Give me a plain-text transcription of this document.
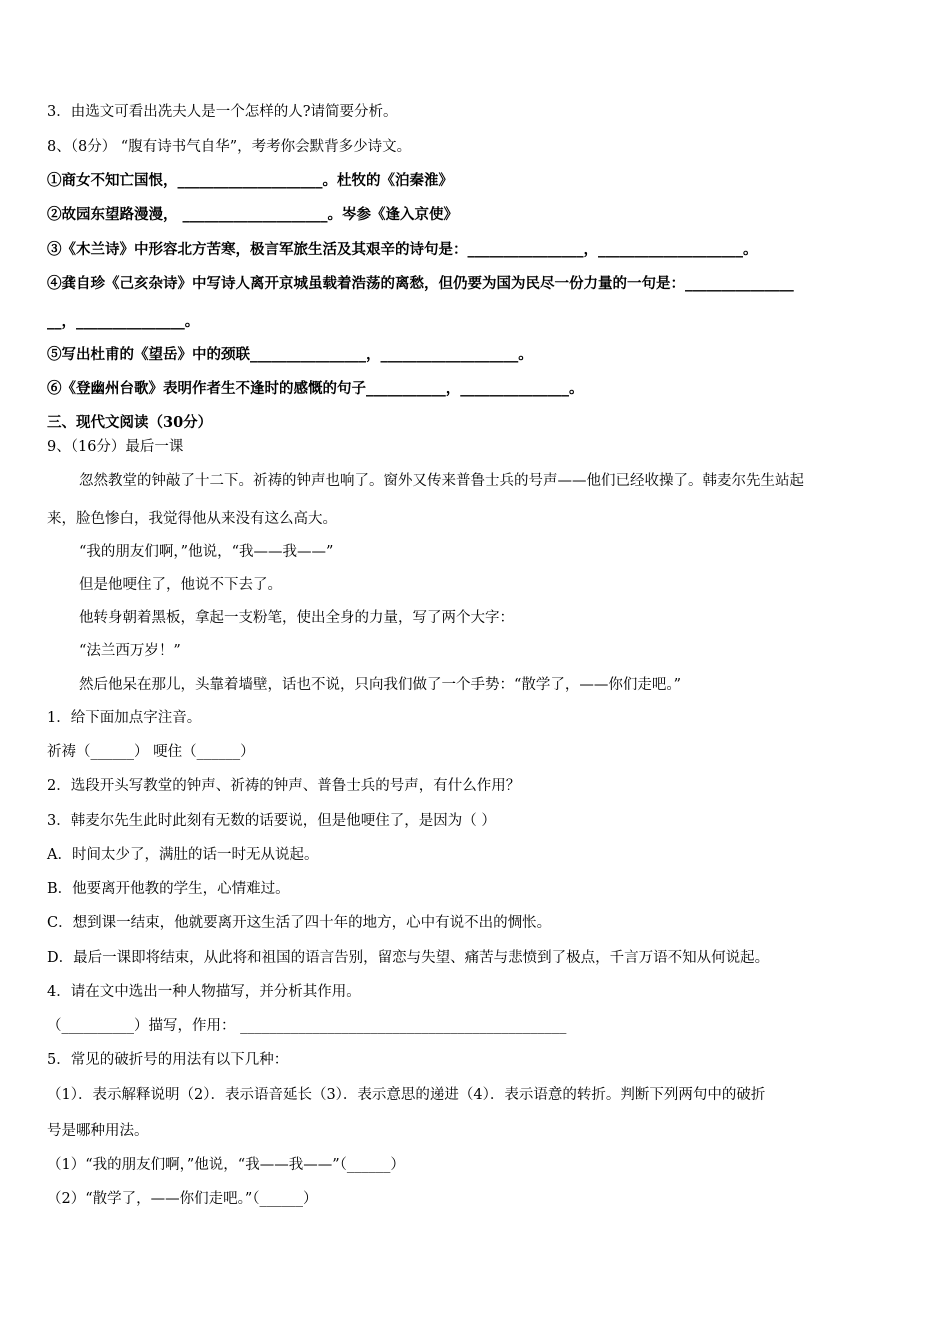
3．由选文可看出冼夫人是一个怎样的人?请简要分析。
8、（8分） “腹有诗书气自华”，考考你会默背多少诗文。
①商女不知亡国恨，____________________。杜牧的《泊秦淮》
②故园东望路漫漫， ____________________。岑参《逢入京使》
③《木兰诗》中形容北方苦寒，极言军旅生活及其艰辛的诗句是：________________，____________________。
④龚自珍《己亥杂诗》中写诗人离开京城虽载着浩荡的离愁，但仍要为国为民尽一份力量的一句是：_______________
__，_______________。
⑤写出杜甫的《望岳》中的颈联________________，___________________。
⑥《登幽州台歌》表明作者生不逢时的感慨的句子___________，_______________。
三、现代文阅读（30分）
9、（16分）最后一课
忽然教堂的钟敲了十二下。祈祷的钟声也响了。窗外又传来普鲁士兵的号声——他们已经收操了。韩麦尔先生站起
来，脸色惨白，我觉得他从来没有这么高大。
“我的朋友们啊，”他说，“我——我——”
但是他哽住了，他说不下去了。
他转身朝着黑板，拿起一支粉笔，使出全身的力量，写了两个大字：
“法兰西万岁！”
然后他呆在那儿，头靠着墙壁，话也不说，只向我们做了一个手势：“散学了，——你们走吧。”
1．给下面加点字注音。
祈祷（______） 哽住（______）
2．选段开头写教堂的钟声、祈祷的钟声、普鲁士兵的号声，有什么作用？
3．韩麦尔先生此时此刻有无数的话要说，但是他哽住了，是因为（ ）
A．时间太少了，满肚的话一时无从说起。
B．他要离开他教的学生，心情难过。
C．想到课一结束，他就要离开这生活了四十年的地方，心中有说不出的惆怅。
D．最后一课即将结束，从此将和祖国的语言告别，留恋与失望、痛苦与悲愤到了极点，千言万语不知从何说起。
4．请在文中选出一种人物描写，并分析其作用。
（__________）描写，作用： _____________________________________________
5．常见的破折号的用法有以下几种：
（1）．表示解释说明（2）．表示语音延长（3）．表示意思的递进（4）．表示语意的转折。判断下列两句中的破折
号是哪种用法。
（1）“我的朋友们啊，”他说，“我——我——”（______）
（2）“散学了，——你们走吧。”（______）
